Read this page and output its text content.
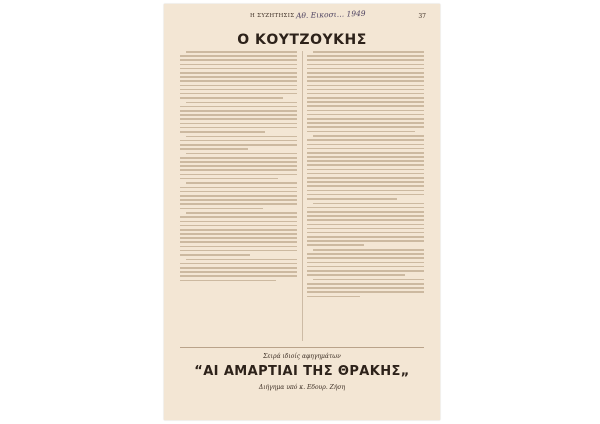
Η ΣΥΖΗΤΗΣΙΣ Αθ. Εικοσι… 1949	37
Ο ΚΟΥΤΖΟΥΚΗΣ
Σειρά ιδιοίς αφηγημάτων
“ΑΙ ΑΜΑΡΤΙΑΙ ΤΗΣ ΘΡΑΚΗΣ„
Διήγημα υπό κ. Εδουρ. Ζήση
